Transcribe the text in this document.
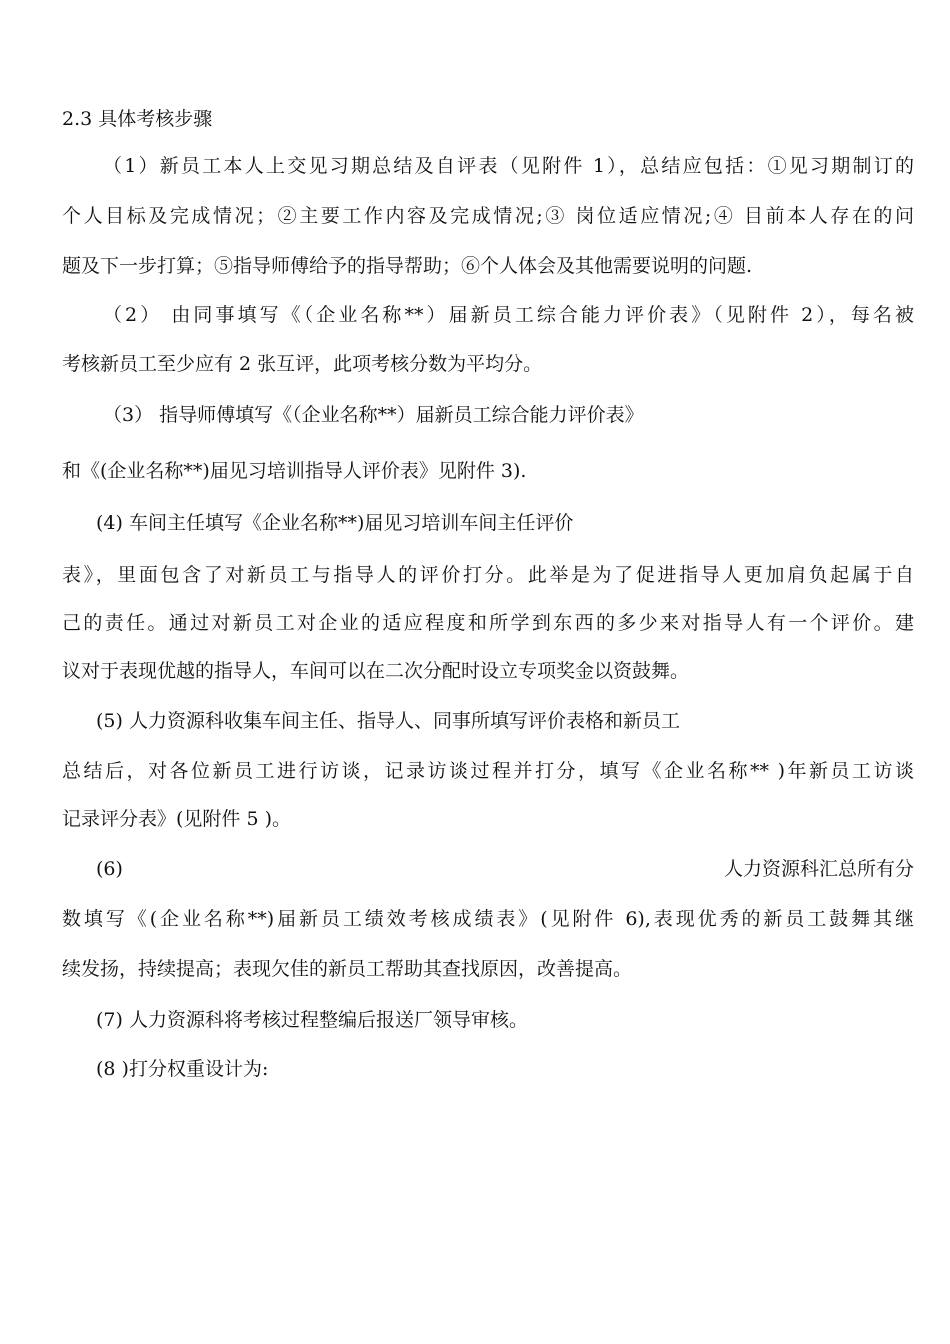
2.3 具体考核步骤

（1）新员工本人上交见习期总结及自评表（见附件 1），总结应包括：①见习期制订的

个人目标及完成情况；②主要工作内容及完成情况;③ 岗位适应情况;④ 目前本人存在的问

题及下一步打算；⑤指导师傅给予的指导帮助；⑥个人体会及其他需要说明的问题.

（2） 由同事填写《（企业名称**）届新员工综合能力评价表》（见附件 2），每名被

考核新员工至少应有 2 张互评，此项考核分数为平均分。

（3） 指导师傅填写《（企业名称**）届新员工综合能力评价表》

和《(企业名称**)届见习培训指导人评价表》见附件 3).

(4) 车间主任填写《企业名称**)届见习培训车间主任评价

表》，里面包含了对新员工与指导人的评价打分。此举是为了促进指导人更加肩负起属于自

己的责任。通过对新员工对企业的适应程度和所学到东西的多少来对指导人有一个评价。建

议对于表现优越的指导人，车间可以在二次分配时设立专项奖金以资鼓舞。

(5) 人力资源科收集车间主任、指导人、同事所填写评价表格和新员工

总结后，对各位新员工进行访谈，记录访谈过程并打分，填写《企业名称** )年新员工访谈

记录评分表》(见附件 5 )。

(6)	人力资源科汇总所有分

数填写《(企业名称**)届新员工绩效考核成绩表》(见附件 6),表现优秀的新员工鼓舞其继

续发扬，持续提高；表现欠佳的新员工帮助其查找原因，改善提高。

(7) 人力资源科将考核过程整编后报送厂领导审核。

(8 )打分权重设计为:
